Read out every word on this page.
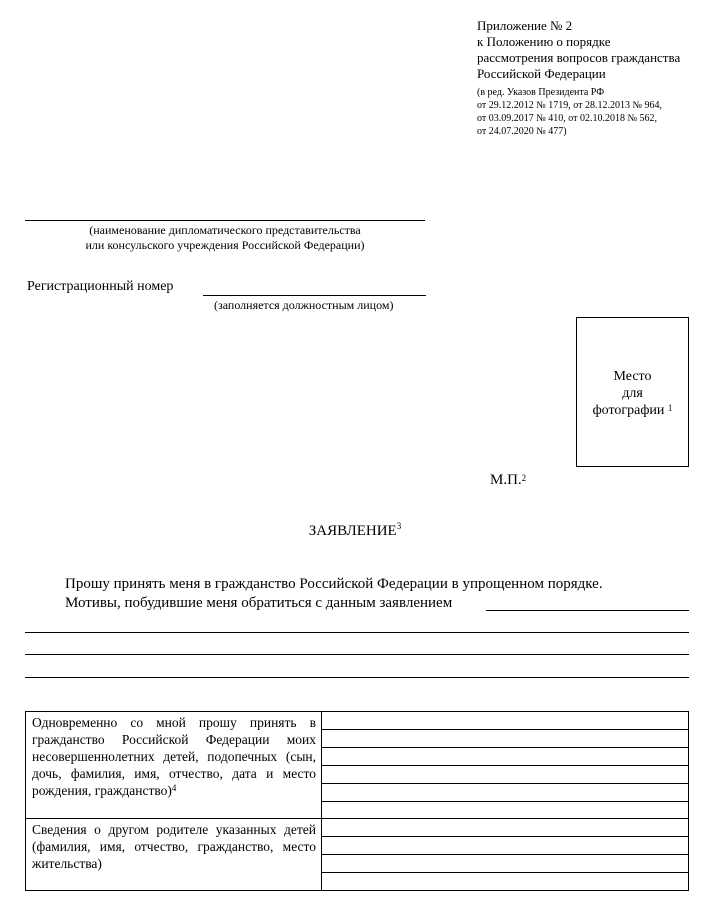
Приложение № 2
к Положению о порядке
рассмотрения вопросов гражданства
Российской Федерации
(в ред. Указов Президента РФ
от 29.12.2012 № 1719, от 28.12.2013 № 964,
от 03.09.2017 № 410, от 02.10.2018 № 562,
от 24.07.2020 № 477)
(наименование дипломатического представительства
или консульского учреждения Российской Федерации)
Регистрационный номер
(заполняется должностным лицом)
Место
для
фотографии $^1$
М.П.$^2$
ЗАЯВЛЕНИЕ$^3$
Прошу принять меня в гражданство Российской Федерации в упрощенном порядке.
Мотивы, побудившие меня обратиться с данным заявлением
Одновременно со мной прошу принять в гражданство Российской Федерации моих несовершеннолетних детей, подопечных (сын, дочь, фамилия, имя, отчество, дата и место рождения, гражданство)$^4$

Сведения о другом родителе указанных детей (фамилия, имя, отчество, гражданство, место жительства)	
